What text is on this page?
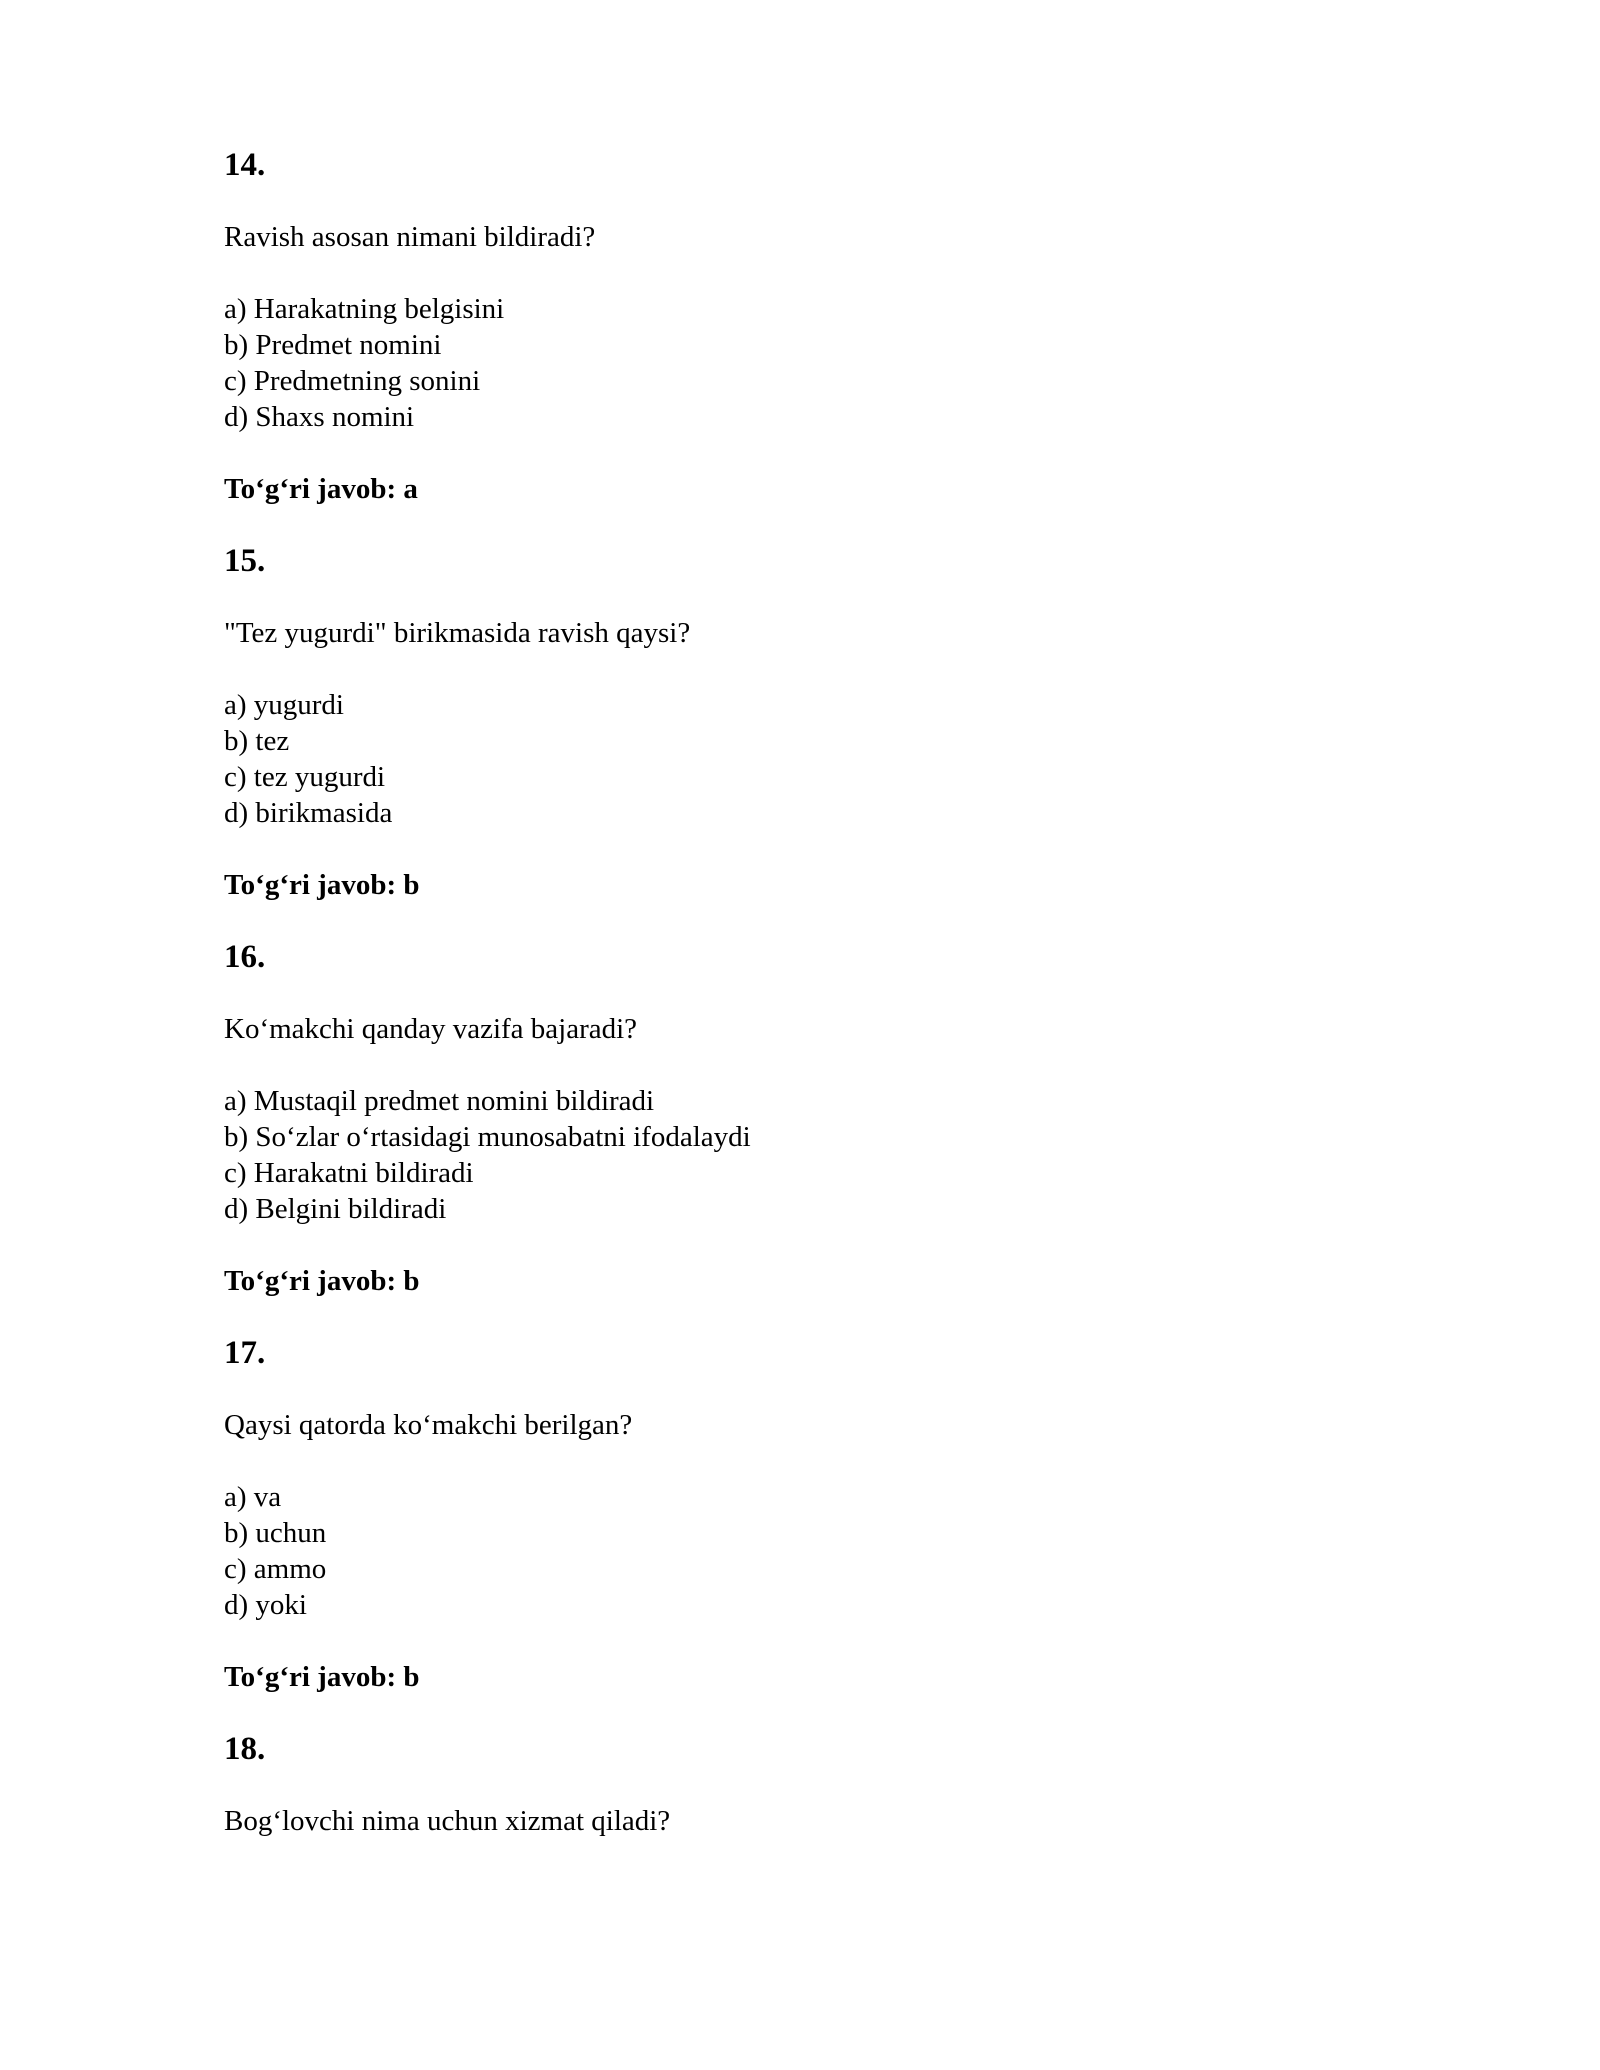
14.
Ravish asosan nimani bildiradi?
a) Harakatning belgisini
b) Predmet nomini
c) Predmetning sonini
d) Shaxs nomini
To‘g‘ri javob: a
15.
"Tez yugurdi" birikmasida ravish qaysi?
a) yugurdi
b) tez
c) tez yugurdi
d) birikmasida
To‘g‘ri javob: b
16.
Ko‘makchi qanday vazifa bajaradi?
a) Mustaqil predmet nomini bildiradi
b) So‘zlar o‘rtasidagi munosabatni ifodalaydi
c) Harakatni bildiradi
d) Belgini bildiradi
To‘g‘ri javob: b
17.
Qaysi qatorda ko‘makchi berilgan?
a) va
b) uchun
c) ammo
d) yoki
To‘g‘ri javob: b
18.
Bog‘lovchi nima uchun xizmat qiladi?
